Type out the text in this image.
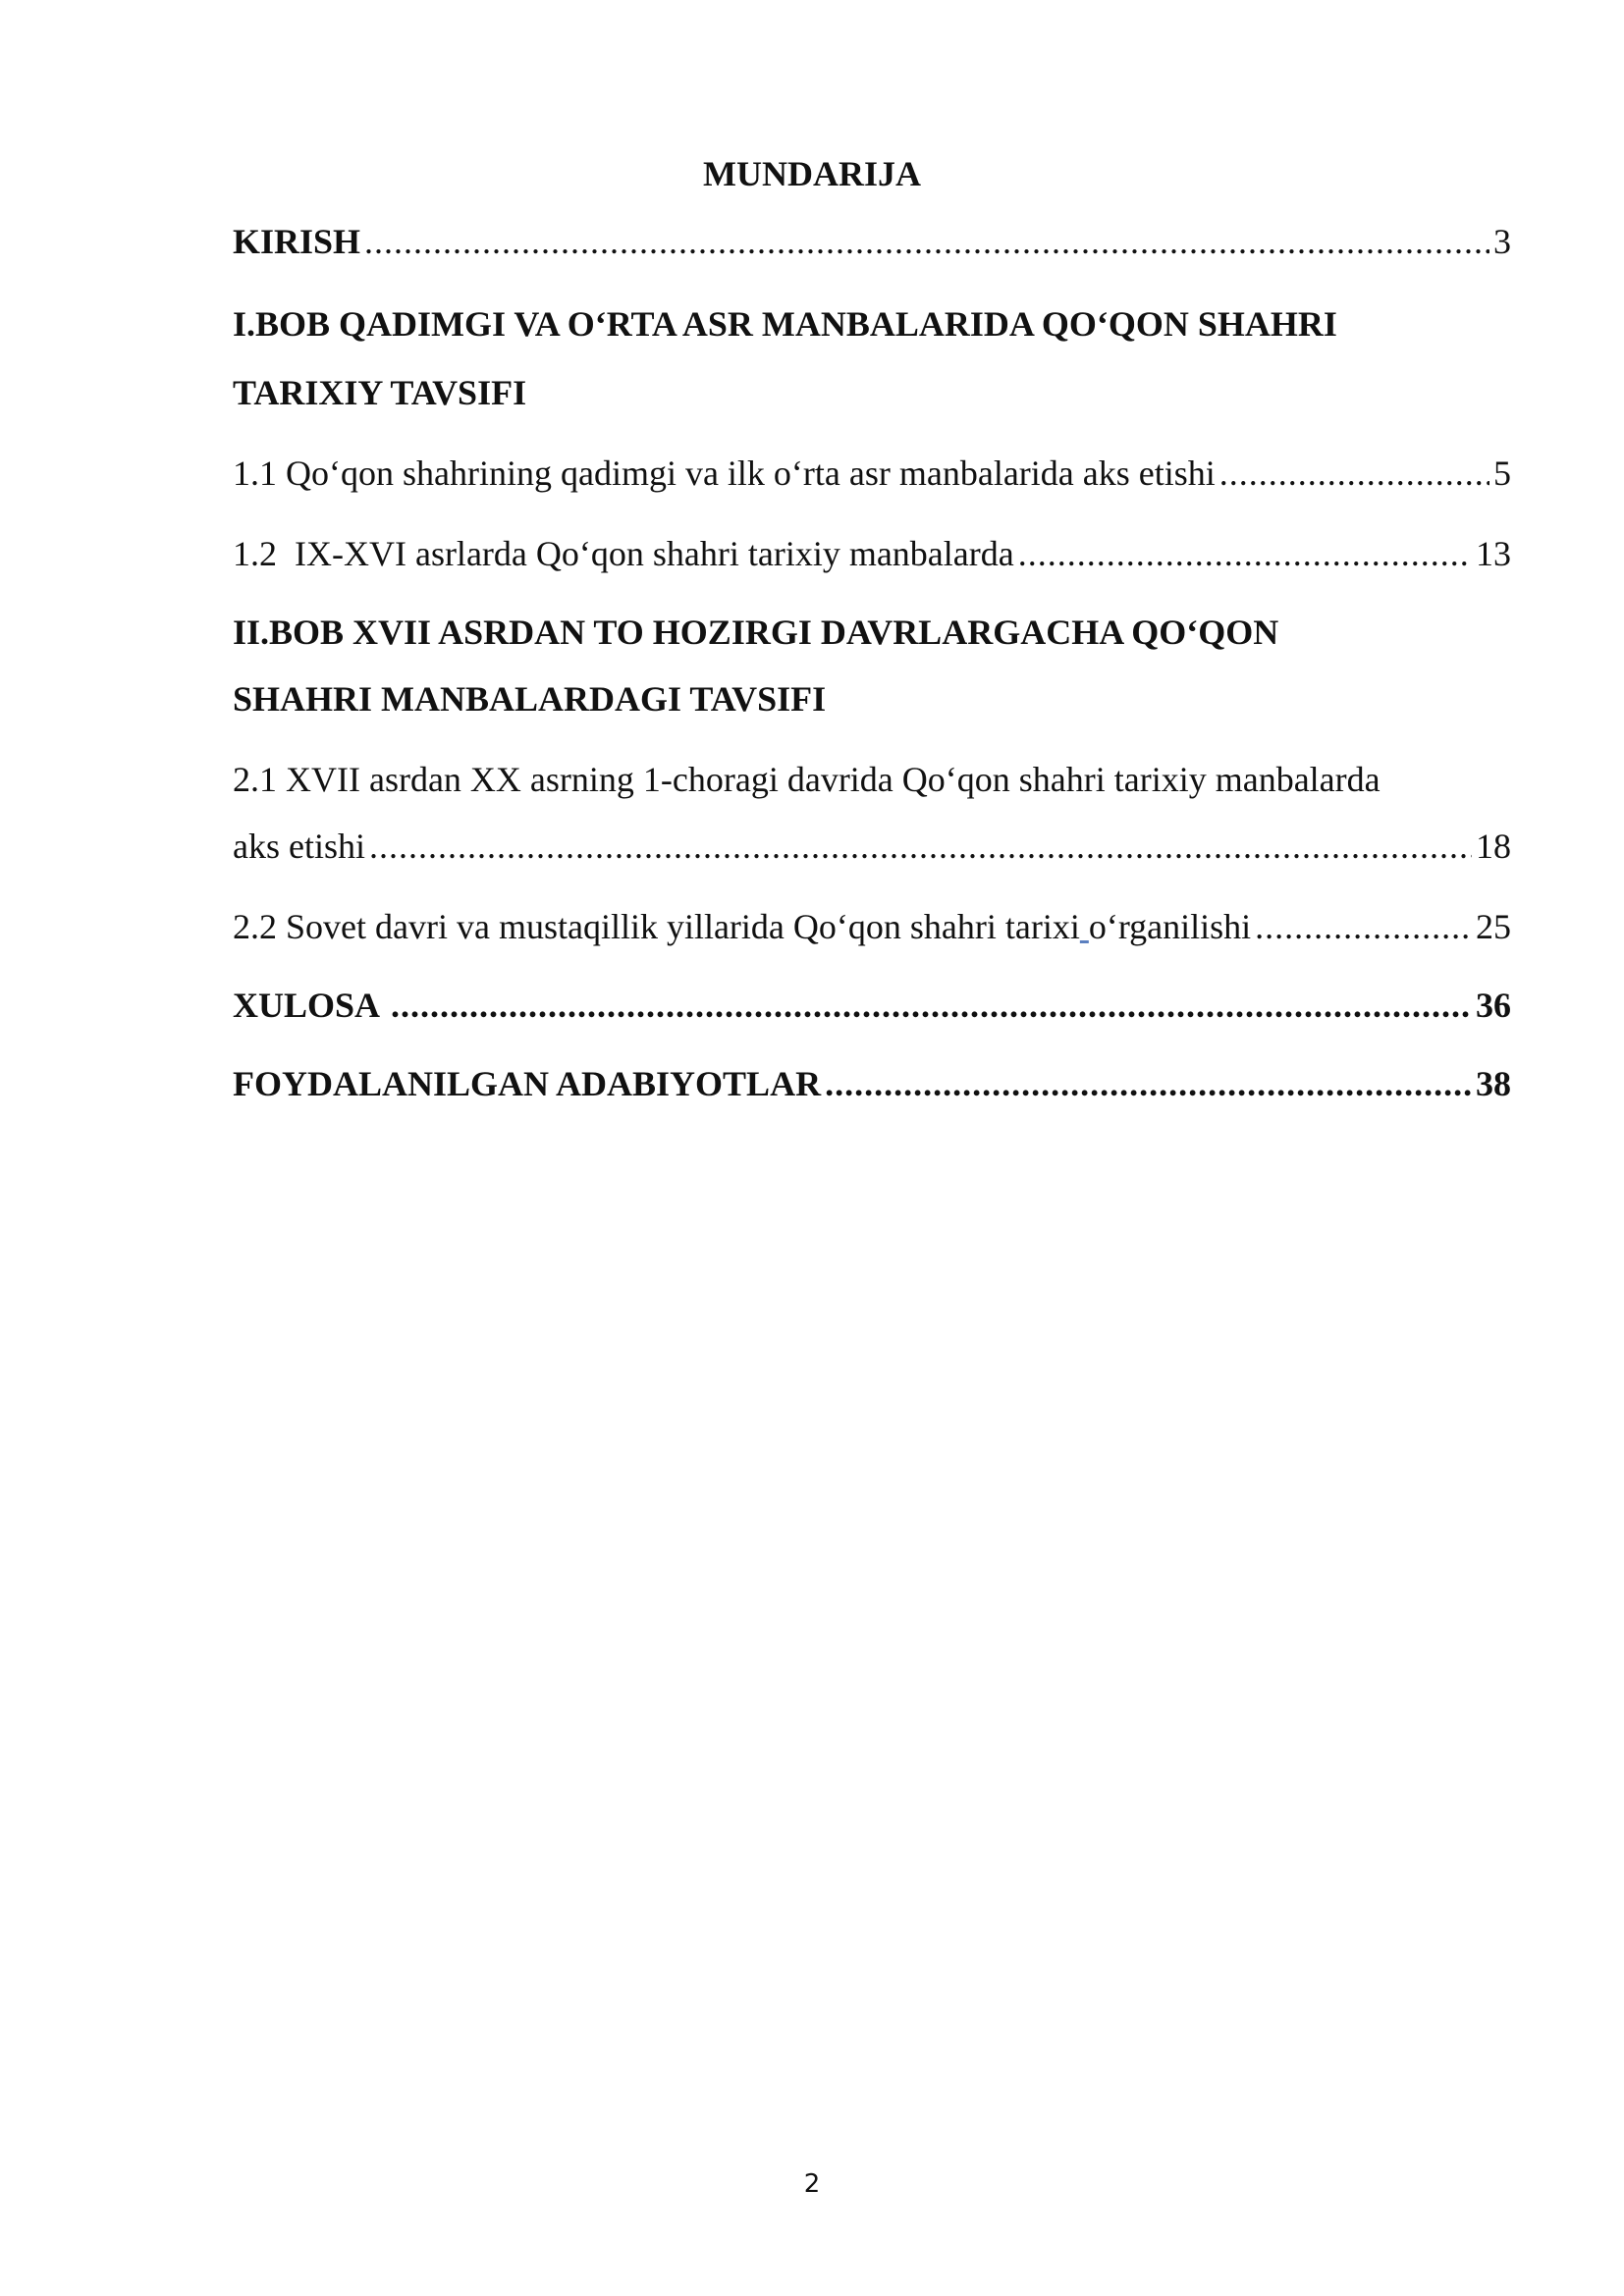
MUNDARIJA
KIRISH . . .	3
I.BOB QADIMGI VA O‘RTA ASR MANBALARIDA QO‘QON SHAHRI
TARIXIY TAVSIFI
1.1 Qo‘qon shahrining qadimgi va ilk o‘rta asr manbalarida aks etishi . . .	5
1.2  IX-XVI asrlarda Qo‘qon shahri tarixiy manbalarda . . .	13
II.BOB XVII ASRDAN TO HOZIRGI DAVRLARGACHA QO‘QON
SHAHRI MANBALARDAGI TAVSIFI
2.1 XVII asrdan XX asrning 1-choragi davrida Qo‘qon shahri tarixiy manbalarda
aks etishi . . .	18
2.2 Sovet davri va mustaqillik yillarida Qo‘qon shahri tarixi o‘rganilishi . . .	25
XULOSA . . .	36
FOYDALANILGAN ADABIYOTLAR . . .	38
2
